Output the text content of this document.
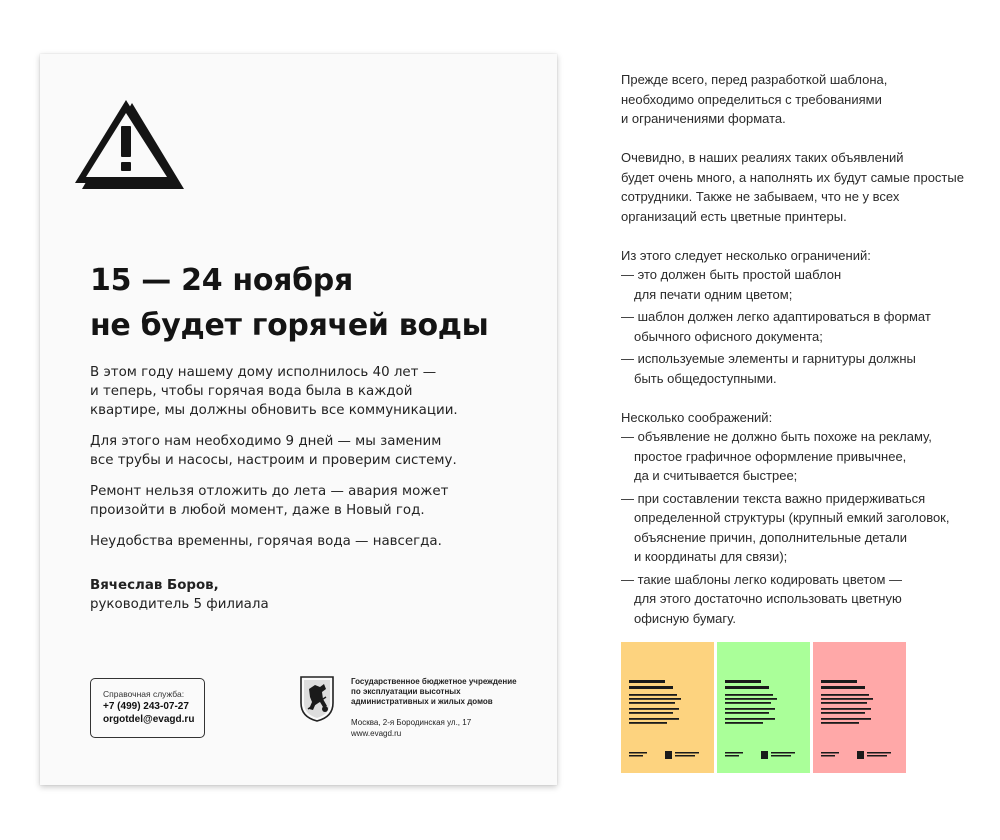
15 — 24 ноября
не будет горячей воды

В этом году нашему дому исполнилось 40 лет —
и теперь, чтобы горячая вода была в каждой
квартире, мы должны обновить все коммуникации.

Для этого нам необходимо 9 дней — мы заменим
все трубы и насосы, настроим и проверим систему.

Ремонт нельзя отложить до лета — авария может
произойти в любой момент, даже в Новый год.

Неудобства временны, горячая вода — навсегда.

Вячеслав Боров,
руководитель 5 филиала
Справочная служба:
+7 (499) 243-07-27
orgotdel@evagd.ru
Государственное бюджетное учреждение
по эксплуатации высотных
административных и жилых домов
Москва, 2-я Бородинская ул., 17
www.evagd.ru
Прежде всего, перед разработкой шаблона,
необходимо определиться с требованиями
и ограничениями формата.
Очевидно, в наших реалиях таких объявлений
будет очень много, а наполнять их будут самые простые
сотрудники. Также не забываем, что не у всех
организаций есть цветные принтеры.
Из этого следует несколько ограничений:
— это должен быть простой шаблон
для печати одним цветом;
— шаблон должен легко адаптироваться в формат
обычного офисного документа;
— используемые элементы и гарнитуры должны
быть общедоступными.
Несколько соображений:
— объявление не должно быть похоже на рекламу,
простое графичное оформление привычнее,
да и считывается быстрее;
— при составлении текста важно придерживаться
определенной структуры (крупный емкий заголовок,
объяснение причин, дополнительные детали
и координаты для связи);
— такие шаблоны легко кодировать цветом —
для этого достаточно использовать цветную
офисную бумагу.
